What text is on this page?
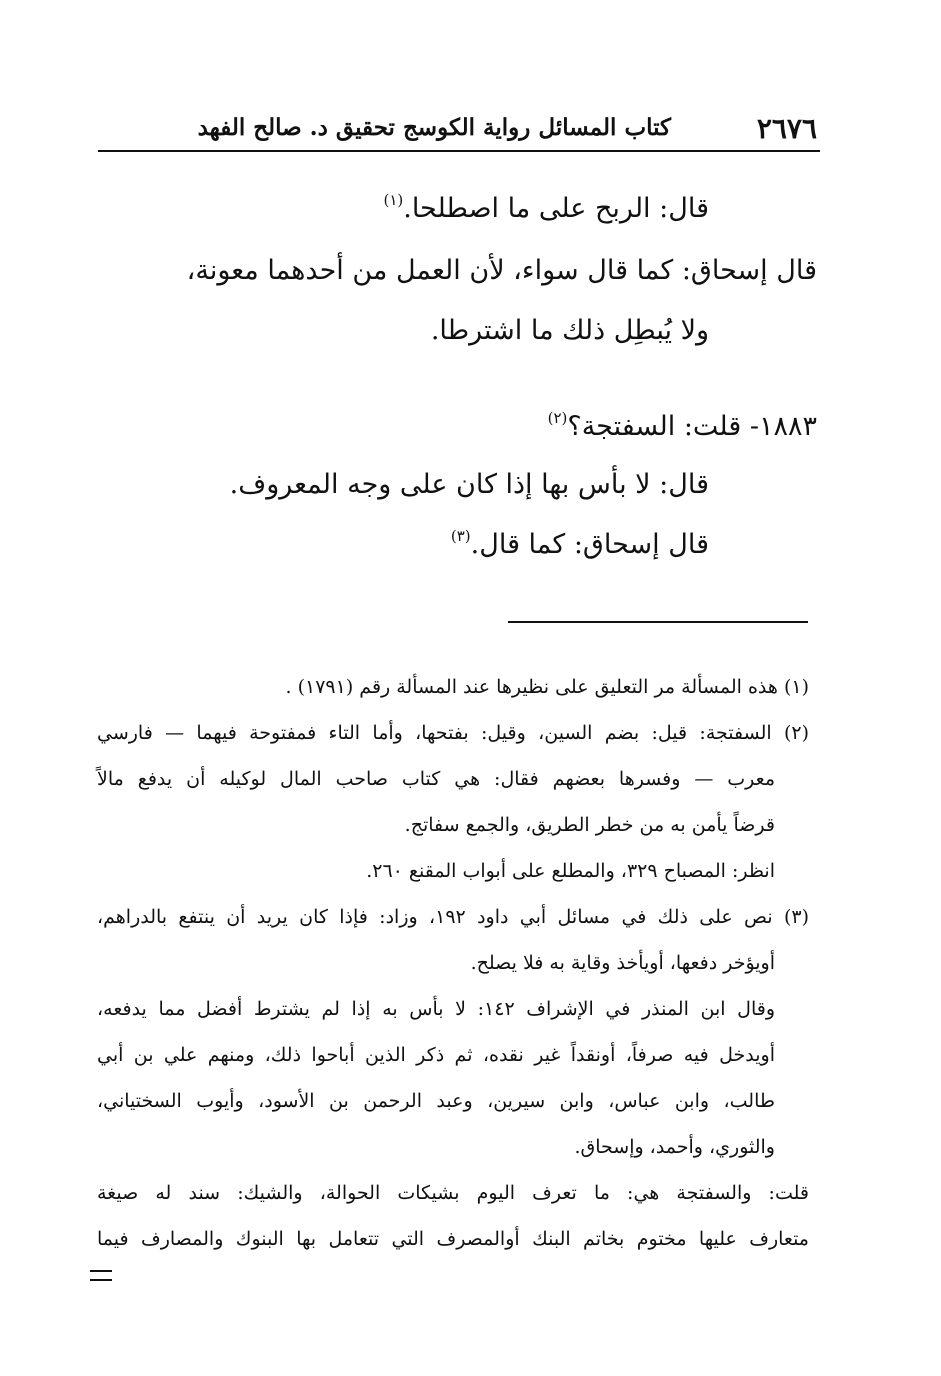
٢٦٧٦
كتاب المسائل رواية الكوسج تحقيق د. صالح الفهد
قال: الربح على ما اصطلحا.$^{(١)}$
قال إسحاق: كما قال سواء، لأن العمل من أحدهما معونة،
ولا يُبطِل ذلك ما اشترطا.
١٨٨٣- قلت: السفتجة؟$^{(٢)}$
قال: لا بأس بها إذا كان على وجه المعروف.
قال إسحاق: كما قال.$^{(٣)}$
(١) هذه المسألة مر التعليق على نظيرها عند المسألة رقم (١٧٩١) .
(٢) السفتجة: قيل: بضم السين، وقيل: بفتحها، وأما التاء فمفتوحة فيهما — فارسي
معرب — وفسرها بعضهم فقال: هي كتاب صاحب المال لوكيله أن يدفع مالاً
قرضاً يأمن به من خطر الطريق، والجمع سفاتج.
انظر: المصباح ٣٢٩، والمطلع على أبواب المقنع ٢٦٠.
(٣) نص على ذلك في مسائل أبي داود ١٩٢، وزاد: فإذا كان يريد أن ينتفع بالدراهم،
أويؤخر دفعها، أويأخذ وقاية به فلا يصلح.
وقال ابن المنذر في الإشراف ١٤٢: لا بأس به إذا لم يشترط أفضل مما يدفعه،
أويدخل فيه صرفاً، أونقداً غير نقده، ثم ذكر الذين أباحوا ذلك، ومنهم علي بن أبي
طالب، وابن عباس، وابن سيرين، وعبد الرحمن بن الأسود، وأيوب السختياني،
والثوري، وأحمد، وإسحاق.
قلت: والسفتجة هي: ما تعرف اليوم بشيكات الحوالة، والشيك: سند له صيغة
متعارف عليها مختوم بخاتم البنك أوالمصرف التي تتعامل بها البنوك والمصارف فيما
